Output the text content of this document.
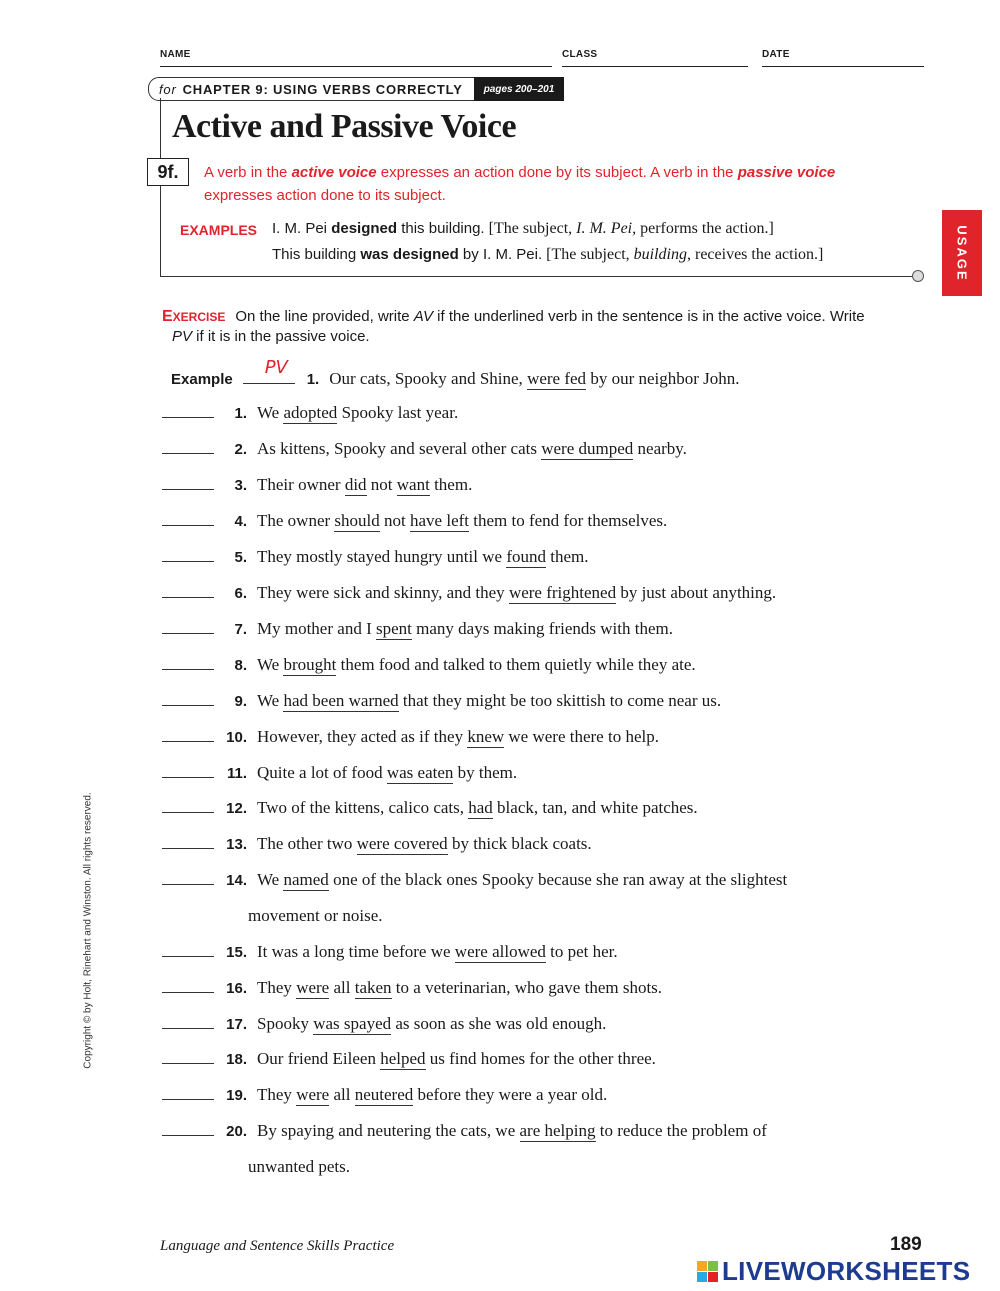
NAME	CLASS	DATE
for CHAPTER 9: USING VERBS CORRECTLY	pages 200–201
Active and Passive Voice
9f.	A verb in the active voice expresses an action done by its subject. A verb in the passive voice expresses action done to its subject.
EXAMPLES I. M. Pei designed this building. [The subject, I. M. Pei, performs the action.]
This building was designed by I. M. Pei. [The subject, building, receives the action.]	USAGE
EXERCISE On the line provided, write AV if the underlined verb in the sentence is in the active voice. Write
PV if it is in the passive voice.
Example
PV
1. Our cats, Spooky and Shine, were fed by our neighbor John.
1. We adopted Spooky last year.
2. As kittens, Spooky and several other cats were dumped nearby.
3. Their owner did not want them.
4. The owner should not have left them to fend for themselves.
5. They mostly stayed hungry until we found them.
6. They were sick and skinny, and they were frightened by just about anything.
7. My mother and I spent many days making friends with them.
8. We brought them food and talked to them quietly while they ate.
9. We had been warned that they might be too skittish to come near us.
10. However, they acted as if they knew we were there to help.
11. Quite a lot of food was eaten by them.
12. Two of the kittens, calico cats, had black, tan, and white patches.
13. The other two were covered by thick black coats.
14. We named one of the black ones Spooky because she ran away at the slightest
movement or noise.
15. It was a long time before we were allowed to pet her.
16. They were all taken to a veterinarian, who gave them shots.
17. Spooky was spayed as soon as she was old enough.
18. Our friend Eileen helped us find homes for the other three.
19. They were all neutered before they were a year old.
20. By spaying and neutering the cats, we are helping to reduce the problem of
unwanted pets.
Copyright © by Holt, Rinehart and Winston. All rights reserved.
Language and Sentence Skills Practice	189
LIVEWORKSHEETS
